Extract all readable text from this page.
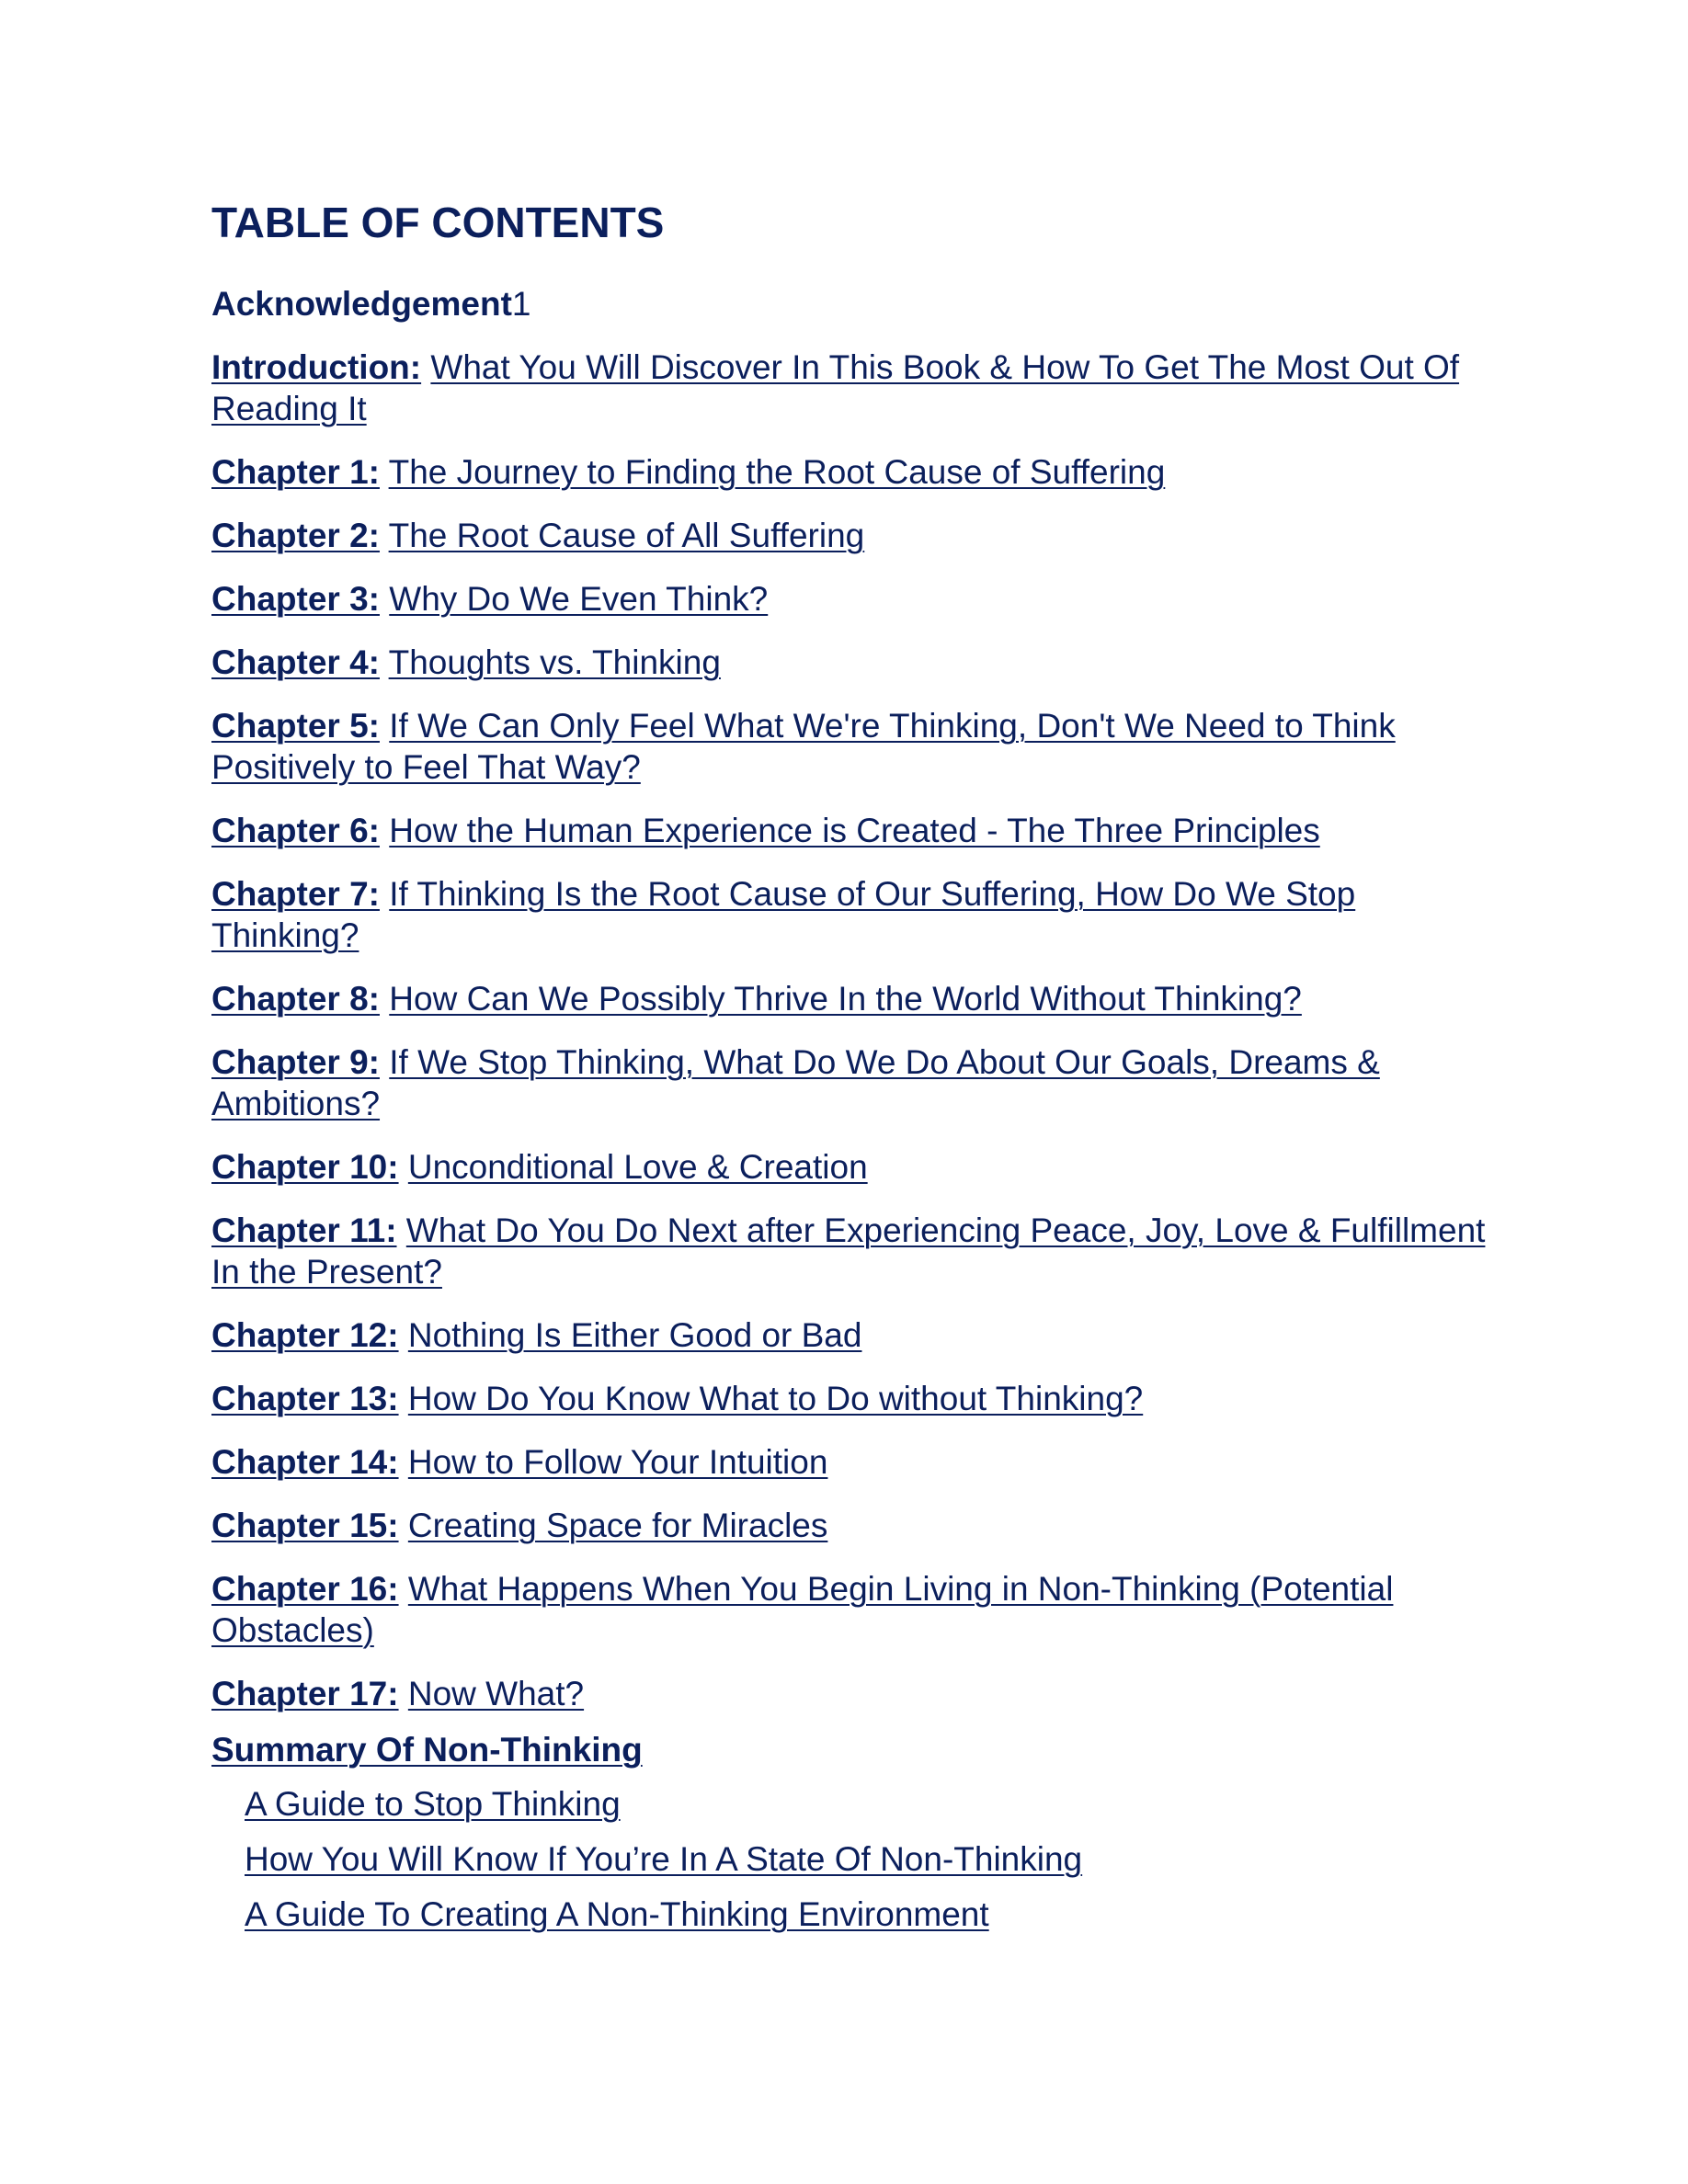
TABLE OF CONTENTS
Acknowledgement1
Introduction: What You Will Discover In This Book & How To Get The Most Out Of Reading It
Chapter 1: The Journey to Finding the Root Cause of Suffering
Chapter 2: The Root Cause of All Suffering
Chapter 3: Why Do We Even Think?
Chapter 4: Thoughts vs. Thinking
Chapter 5: If We Can Only Feel What We're Thinking, Don't We Need to Think Positively to Feel That Way?
Chapter 6: How the Human Experience is Created - The Three Principles
Chapter 7: If Thinking Is the Root Cause of Our Suffering, How Do We Stop Thinking?
Chapter 8: How Can We Possibly Thrive In the World Without Thinking?
Chapter 9: If We Stop Thinking, What Do We Do About Our Goals, Dreams & Ambitions?
Chapter 10: Unconditional Love & Creation
Chapter 11: What Do You Do Next after Experiencing Peace, Joy, Love & Fulfillment In the Present?
Chapter 12: Nothing Is Either Good or Bad
Chapter 13: How Do You Know What to Do without Thinking?
Chapter 14: How to Follow Your Intuition
Chapter 15: Creating Space for Miracles
Chapter 16: What Happens When You Begin Living in Non-Thinking (Potential Obstacles)
Chapter 17: Now What?
Summary Of Non-Thinking
A Guide to Stop Thinking
How You Will Know If You’re In A State Of Non-Thinking
A Guide To Creating A Non-Thinking Environment
